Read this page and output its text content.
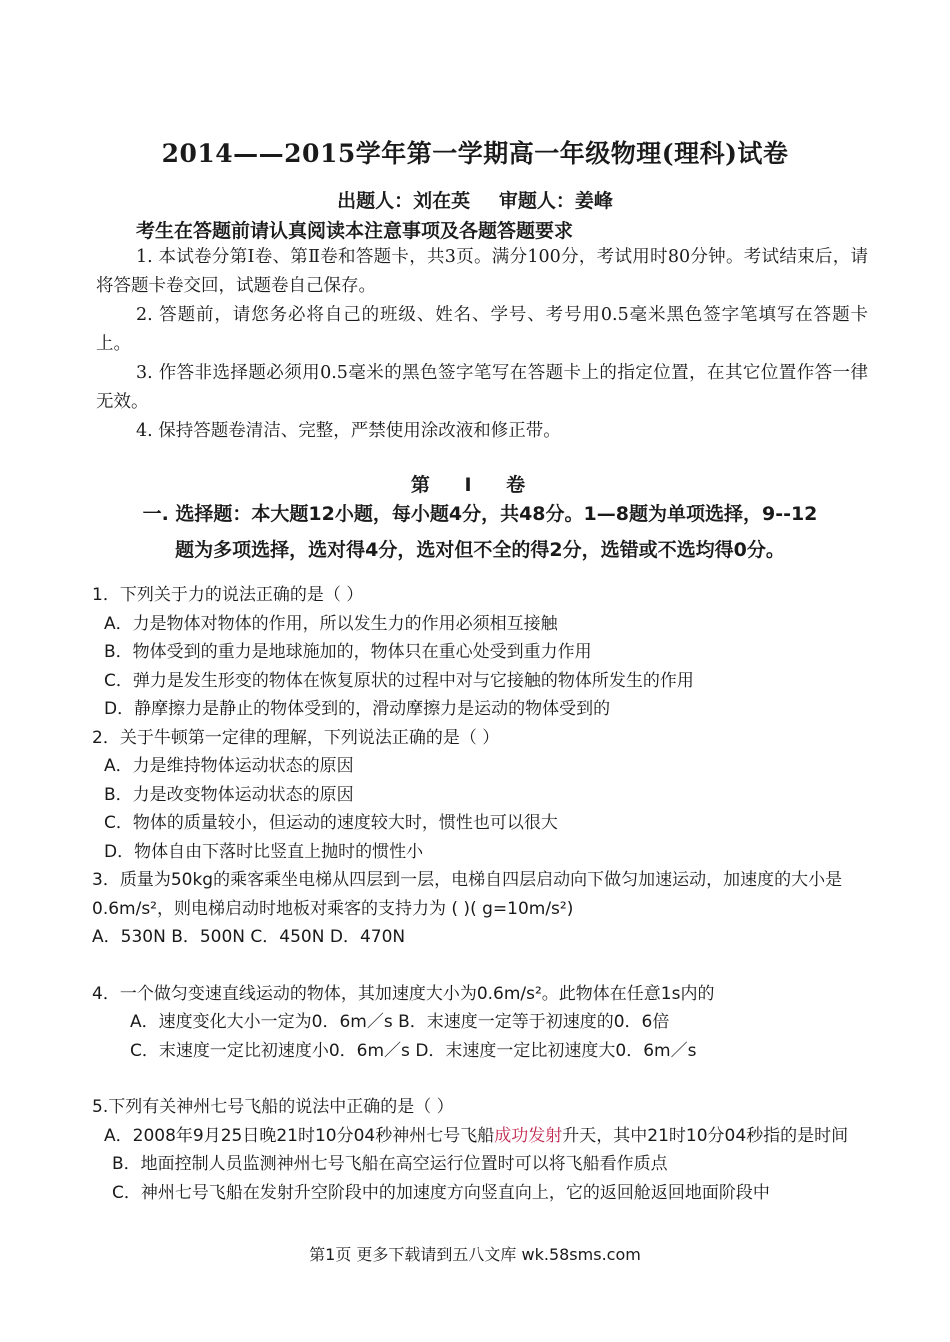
2014——2015学年第一学期高一年级物理(理科)试卷
出题人：刘在英 审题人：姜峰
考生在答题前请认真阅读本注意事项及各题答题要求

1. 本试卷分第Ⅰ卷、第Ⅱ卷和答题卡，共3页。满分100分，考试用时80分钟。考试结束后，请将答题卡卷交回，试题卷自己保存。

2. 答题前，请您务必将自己的班级、姓名、学号、考号用0.5毫米黑色签字笔填写在答题卡上。

3. 作答非选择题必须用0.5毫米的黑色签字笔写在答题卡上的指定位置，在其它位置作答一律无效。

4. 保持答题卷清洁、完整，严禁使用涂改液和修正带。

第 Ⅰ 卷
一. 选择题：本大题12小题，每小题4分，共48分。1—8题为单项选择，9--12
题为多项选择，选对得4分，选对但不全的得2分，选错或不选均得0分。

1．下列关于力的说法正确的是（ ）

A．力是物体对物体的作用，所以发生力的作用必须相互接触

B．物体受到的重力是地球施加的，物体只在重心处受到重力作用

C．弹力是发生形变的物体在恢复原状的过程中对与它接触的物体所发生的作用

D．静摩擦力是静止的物体受到的，滑动摩擦力是运动的物体受到的

2．关于牛顿第一定律的理解，下列说法正确的是（ ）

A．力是维持物体运动状态的原因

B．力是改变物体运动状态的原因

C．物体的质量较小，但运动的速度较大时，惯性也可以很大

D．物体自由下落时比竖直上抛时的惯性小

3．质量为50kg的乘客乘坐电梯从四层到一层，电梯自四层启动向下做匀加速运动，加速度的大小是0.6m/s²，则电梯启动时地板对乘客的支持力为 ( )( g=10m/s²)

A．530N B．500N C．450N D．470N

4．一个做匀变速直线运动的物体，其加速度大小为0.6m/s²。此物体在任意1s内的

A．速度变化大小一定为0．6m／s B．末速度一定等于初速度的0．6倍

C．末速度一定比初速度小0．6m／s D．末速度一定比初速度大0．6m／s

5.下列有关神州七号飞船的说法中正确的是（ ）

A．2008年9月25日晚21时10分04秒神州七号飞船成功发射升天，其中21时10分04秒指的是时间

B．地面控制人员监测神州七号飞船在高空运行位置时可以将飞船看作质点

C．神州七号飞船在发射升空阶段中的加速度方向竖直向上，它的返回舱返回地面阶段中

第1页 更多下载请到五八文库 wk.58sms.com
